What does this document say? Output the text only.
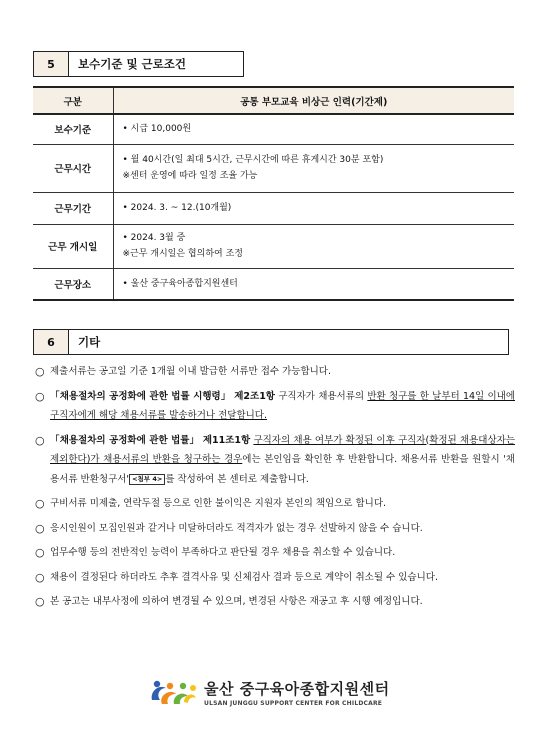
5	보수기준 및 근로조건
구분	공통 부모교육 비상근 인력(기간제)
보수기준	• 시급 10,000원

근무시간	• 월 40시간(일 최대 5시간, 근무시간에 따른 휴게시간 30분 포함)
※센터 운영에 따라 일정 조율 가능

근무기간	• 2024. 3. ~ 12.(10개월)

근무 개시일	• 2024. 3월 중
※근무 개시일은 협의하여 조정

근무장소	• 울산 중구육아종합지원센터
6	기타
○ 제출서류는 공고일 기준 1개월 이내 발급한 서류만 접수 가능합니다.
○ 「채용절차의 공정화에 관한 법률 시행령」 제2조1항 구직자가 채용서류의 반환 청구를 한 날부터 14일 이내에 구직자에게 해당 채용서류를 발송하거나 전달합니다.
○ 「채용절차의 공정화에 관한 법률」 제11조1항 구직자의 채용 여부가 확정된 이후 구직자(확정된 채용대상자는 제외한다)가 채용서류의 반환을 청구하는 경우에는 본인임을 확인한 후 반환합니다. 채용서류 반환을 원할시 '채용서류 반환청구서' <첨부 4> 를 작성하여 본 센터로 제출합니다.
○ 구비서류 미제출, 연락두절 등으로 인한 불이익은 지원자 본인의 책임으로 합니다.
○ 응시인원이 모집인원과 같거나 미달하더라도 적격자가 없는 경우 선발하지 않을 수 습니다.
○ 업무수행 등의 전반적인 능력이 부족하다고 판단될 경우 채용을 취소할 수 있습니다.
○ 채용이 결정된다 하더라도 추후 결격사유 및 신체검사 결과 등으로 계약이 취소될 수 있습니다.
○ 본 공고는 내부사정에 의하여 변경될 수 있으며, 변경된 사항은 재공고 후 시행 예정입니다.
울산 중구육아종합지원센터
ULSAN JUNGGU SUPPORT CENTER FOR CHILDCARE
